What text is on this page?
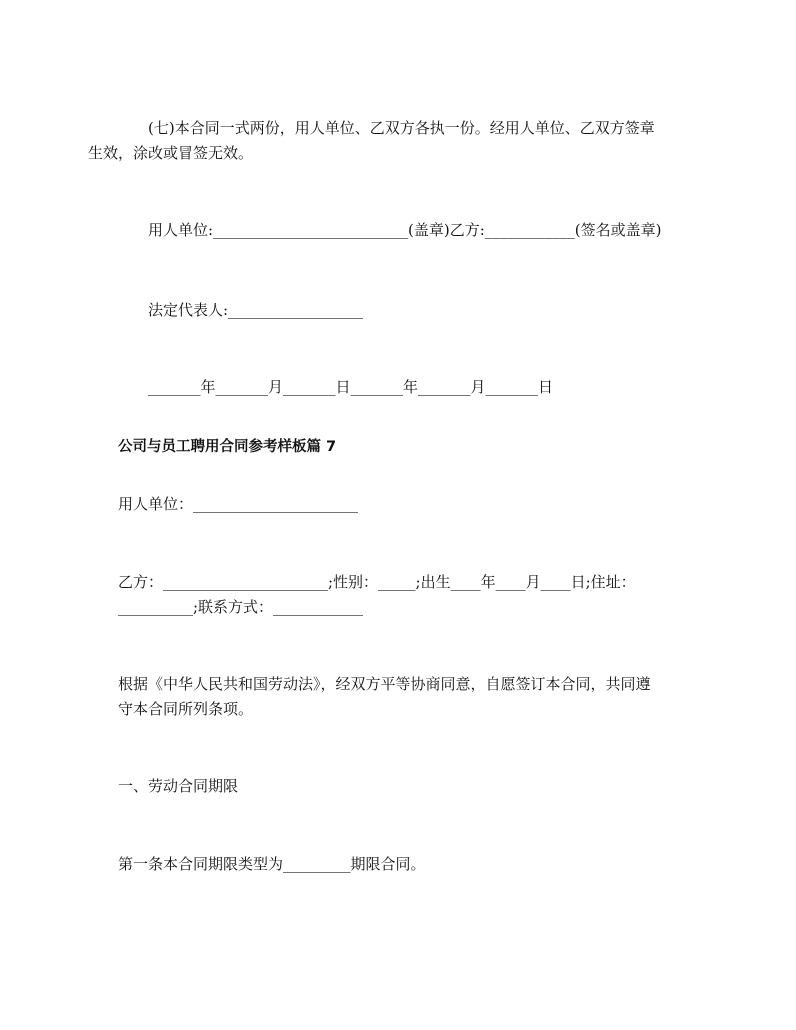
(七)本合同一式两份，用人单位、乙双方各执一份。经用人单位、乙双方签章
生效，涂改或冒签无效。

用人单位:__________________________(盖章)乙方:____________(签名或盖章)

法定代表人:__________________

_______年_______月_______日_______年_______月_______日

公司与员工聘用合同参考样板篇 7

用人单位：______________________

乙方：______________________;性别：_____;出生____年____月____日;住址：
__________;联系方式：____________

根据《中华人民共和国劳动法》，经双方平等协商同意，自愿签订本合同，共同遵
守本合同所列条项。

一、劳动合同期限

第一条本合同期限类型为_________期限合同。
